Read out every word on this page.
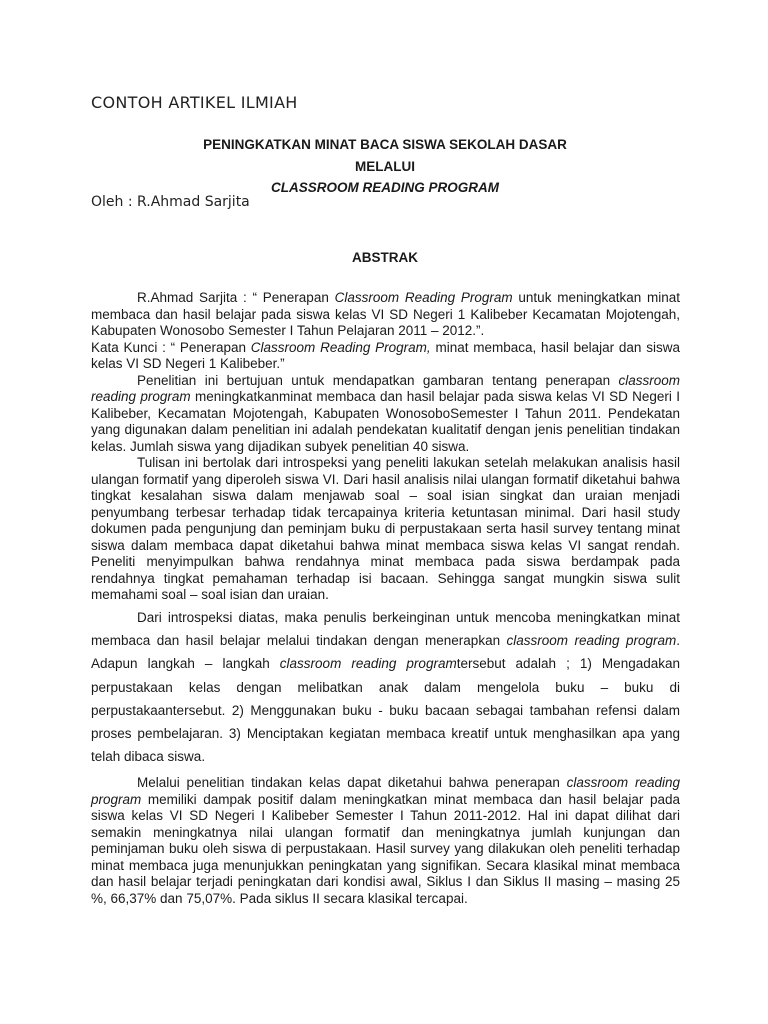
CONTOH ARTIKEL ILMIAH
PENINGKATKAN MINAT BACA SISWA SEKOLAH DASAR
MELALUI
CLASSROOM READING PROGRAM
Oleh : R.Ahmad Sarjita
ABSTRAK

R.Ahmad Sarjita : “ Penerapan Classroom Reading Program untuk meningkatkan minat membaca dan hasil belajar pada siswa kelas VI SD Negeri 1 Kalibeber Kecamatan Mojotengah, Kabupaten Wonosobo Semester I Tahun Pelajaran 2011 – 2012.”.

Kata Kunci : “ Penerapan Classroom Reading Program, minat membaca, hasil belajar dan siswa kelas VI SD Negeri 1 Kalibeber.”

Penelitian ini bertujuan untuk mendapatkan gambaran tentang penerapan classroom reading program meningkatkanminat membaca dan hasil belajar pada siswa kelas VI SD Negeri I Kalibeber, Kecamatan Mojotengah, Kabupaten WonosoboSemester I Tahun 2011. Pendekatan yang digunakan dalam penelitian ini adalah pendekatan kualitatif dengan jenis penelitian tindakan kelas. Jumlah siswa yang dijadikan subyek penelitian 40 siswa.

Tulisan ini bertolak dari introspeksi yang peneliti lakukan setelah melakukan analisis hasil ulangan formatif yang diperoleh siswa VI. Dari hasil analisis nilai ulangan formatif diketahui bahwa tingkat kesalahan siswa dalam menjawab soal – soal isian singkat dan uraian menjadi penyumbang terbesar terhadap tidak tercapainya kriteria ketuntasan minimal. Dari hasil study dokumen pada pengunjung dan peminjam buku di perpustakaan serta hasil survey tentang minat siswa dalam membaca dapat diketahui bahwa minat membaca siswa kelas VI sangat rendah. Peneliti menyimpulkan bahwa rendahnya minat membaca pada siswa berdampak pada rendahnya tingkat pemahaman terhadap isi bacaan. Sehingga sangat mungkin siswa sulit memahami soal – soal isian dan uraian.

Dari introspeksi diatas, maka penulis berkeinginan untuk mencoba meningkatkan minat membaca dan hasil belajar melalui tindakan dengan menerapkan classroom reading program. Adapun langkah – langkah classroom reading programtersebut adalah ; 1) Mengadakan perpustakaan kelas dengan melibatkan anak dalam mengelola buku – buku di perpustakaantersebut. 2) Menggunakan buku - buku bacaan sebagai tambahan refensi dalam proses pembelajaran. 3) Menciptakan kegiatan membaca kreatif untuk menghasilkan apa yang telah dibaca siswa.

Melalui penelitian tindakan kelas dapat diketahui bahwa penerapan classroom reading program memiliki dampak positif dalam meningkatkan minat membaca dan hasil belajar pada siswa kelas VI SD Negeri I Kalibeber Semester I Tahun 2011-2012. Hal ini dapat dilihat dari semakin meningkatnya nilai ulangan formatif dan meningkatnya jumlah kunjungan dan peminjaman buku oleh siswa di perpustakaan. Hasil survey yang dilakukan oleh peneliti terhadap minat membaca juga menunjukkan peningkatan yang signifikan. Secara klasikal minat membaca dan hasil belajar terjadi peningkatan dari kondisi awal, Siklus I dan Siklus II masing – masing 25 %, 66,37% dan 75,07%. Pada siklus II secara klasikal tercapai.
